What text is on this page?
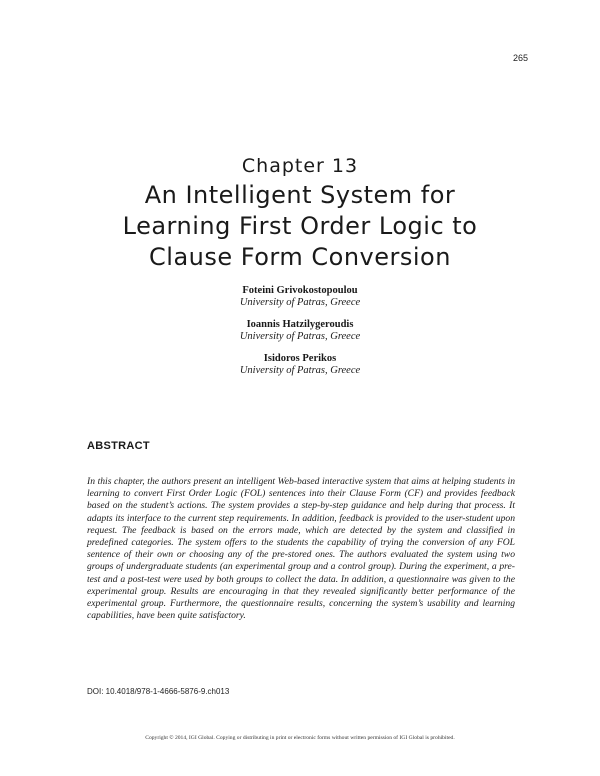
265
Chapter 13
An Intelligent System for
Learning First Order Logic to
Clause Form Conversion
Foteini Grivokostopoulou
University of Patras, Greece
Ioannis Hatzilygeroudis
University of Patras, Greece
Isidoros Perikos
University of Patras, Greece
ABSTRACT

In this chapter, the authors present an intelligent Web-based interactive system that aims at helping students in learning to convert First Order Logic (FOL) sentences into their Clause Form (CF) and provides feedback based on the student’s actions. The system provides a step-by-step guidance and help during that process. It adapts its interface to the current step requirements. In addition, feedback is provided to the user-student upon request. The feedback is based on the errors made, which are detected by the system and classified in predefined categories. The system offers to the students the capability of trying the conversion of any FOL sentence of their own or choosing any of the pre-stored ones. The authors evaluated the system using two groups of undergraduate students (an experimental group and a control group). During the experiment, a pre-test and a post-test were used by both groups to collect the data. In addition, a questionnaire was given to the experimental group. Results are encouraging in that they revealed significantly better performance of the experimental group. Furthermore, the questionnaire results, concerning the system’s usability and learning capabilities, have been quite satisfactory.

DOI: 10.4018/978-1-4666-5876-9.ch013
Copyright © 2014, IGI Global. Copying or distributing in print or electronic forms without written permission of IGI Global is prohibited.
